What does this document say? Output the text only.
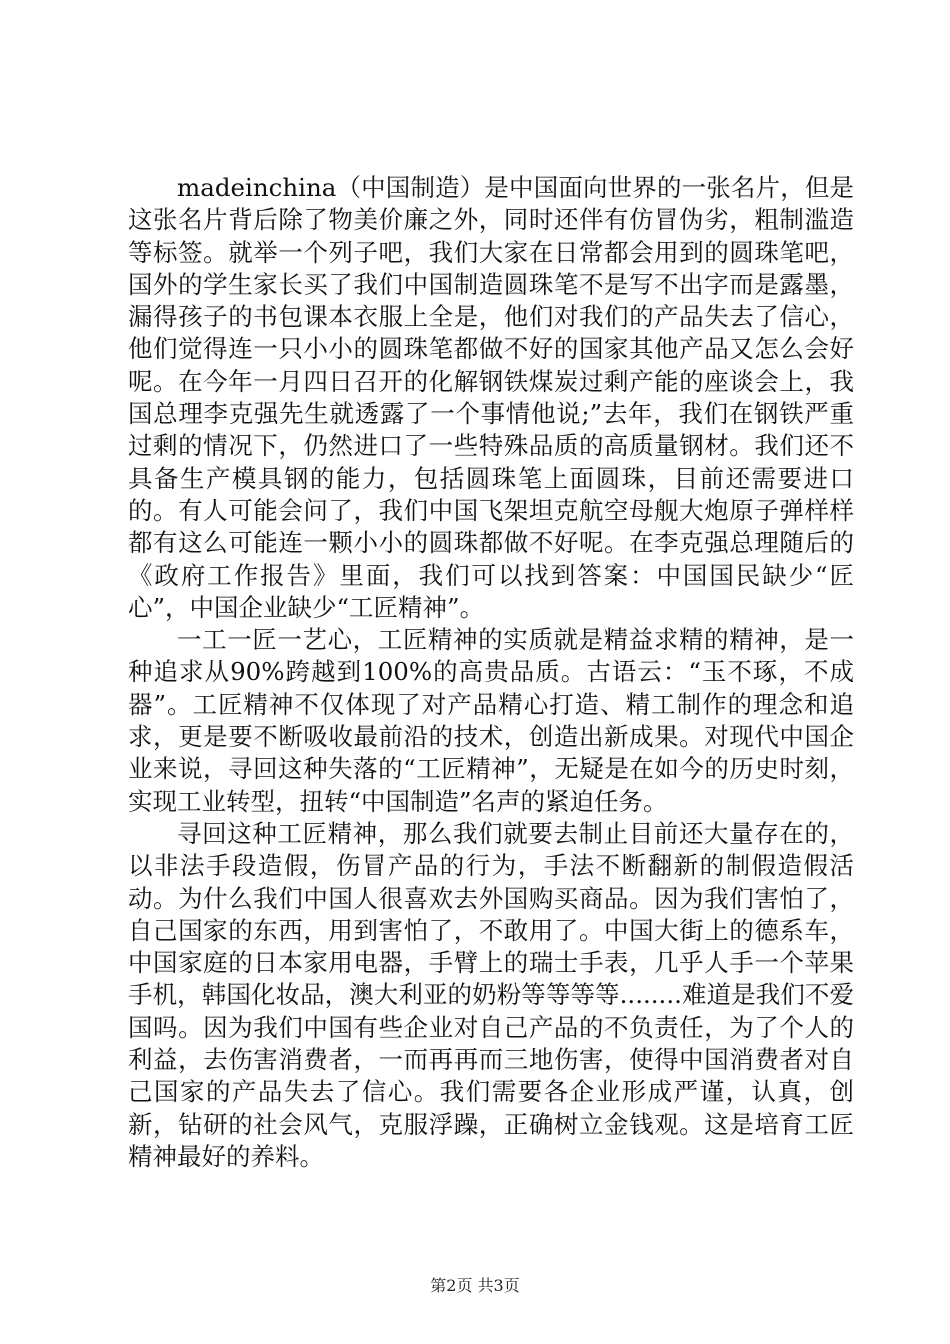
madeinchina（中国制造）是中国面向世界的一张名片，但是这张名片背后除了物美价廉之外，同时还伴有仿冒伪劣，粗制滥造等标签。就举一个列子吧，我们大家在日常都会用到的圆珠笔吧，国外的学生家长买了我们中国制造圆珠笔不是写不出字而是露墨，漏得孩子的书包课本衣服上全是，他们对我们的产品失去了信心，他们觉得连一只小小的圆珠笔都做不好的国家其他产品又怎么会好呢。在今年一月四日召开的化解钢铁煤炭过剩产能的座谈会上，我国总理李克强先生就透露了一个事情他说;”去年，我们在钢铁严重过剩的情况下，仍然进口了一些特殊品质的高质量钢材。我们还不具备生产模具钢的能力，包括圆珠笔上面圆珠，目前还需要进口的。有人可能会问了，我们中国飞架坦克航空母舰大炮原子弹样样都有这么可能连一颗小小的圆珠都做不好呢。在李克强总理随后的《政府工作报告》里面，我们可以找到答案：中国国民缺少“匠心”，中国企业缺少“工匠精神”。

一工一匠一艺心，工匠精神的实质就是精益求精的精神，是一种追求从90%跨越到100%的高贵品质。古语云：“玉不琢，不成器”。工匠精神不仅体现了对产品精心打造、精工制作的理念和追求，更是要不断吸收最前沿的技术，创造出新成果。对现代中国企业来说，寻回这种失落的“工匠精神”，无疑是在如今的历史时刻，实现工业转型，扭转“中国制造”名声的紧迫任务。

寻回这种工匠精神，那么我们就要去制止目前还大量存在的，以非法手段造假，伤冒产品的行为，手法不断翻新的制假造假活动。为什么我们中国人很喜欢去外国购买商品。因为我们害怕了，自己国家的东西，用到害怕了，不敢用了。中国大街上的德系车，中国家庭的日本家用电器，手臂上的瑞士手表，几乎人手一个苹果手机，韩国化妆品，澳大利亚的奶粉等等等等........难道是我们不爱国吗。因为我们中国有些企业对自己产品的不负责任，为了个人的利益，去伤害消费者，一而再再而三地伤害，使得中国消费者对自己国家的产品失去了信心。我们需要各企业形成严谨，认真，创新，钻研的社会风气，克服浮躁，正确树立金钱观。这是培育工匠精神最好的养料。

第2页 共3页
